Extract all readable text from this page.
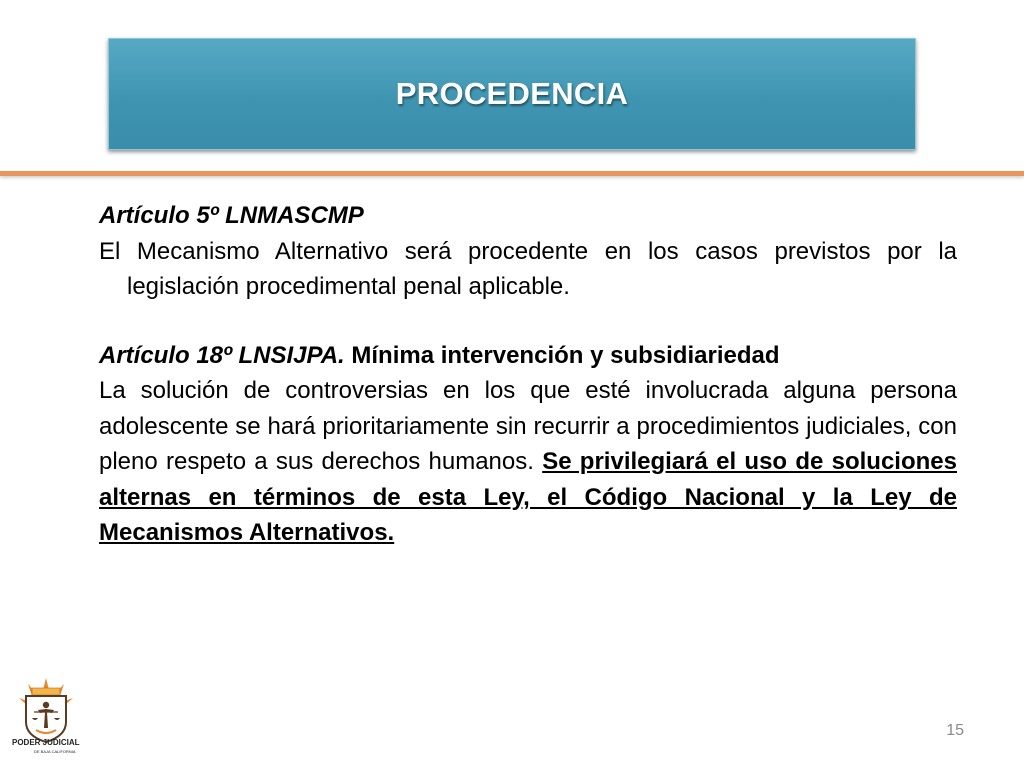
PROCEDENCIA

Artículo 5º LNMASCMP

El Mecanismo Alternativo será procedente en los casos previstos por la legislación procedimental penal aplicable.

Artículo 18º LNSIJPA. Mínima intervención y subsidiariedad

La solución de controversias en los que esté involucrada alguna persona adolescente se hará prioritariamente sin recurrir a procedimientos judiciales, con pleno respeto a sus derechos humanos. Se privilegiará el uso de soluciones alternas en términos de esta Ley, el Código Nacional y la Ley de Mecanismos Alternativos.

PODER JUDICIAL
DE BAJA CALIFORNIA
15
